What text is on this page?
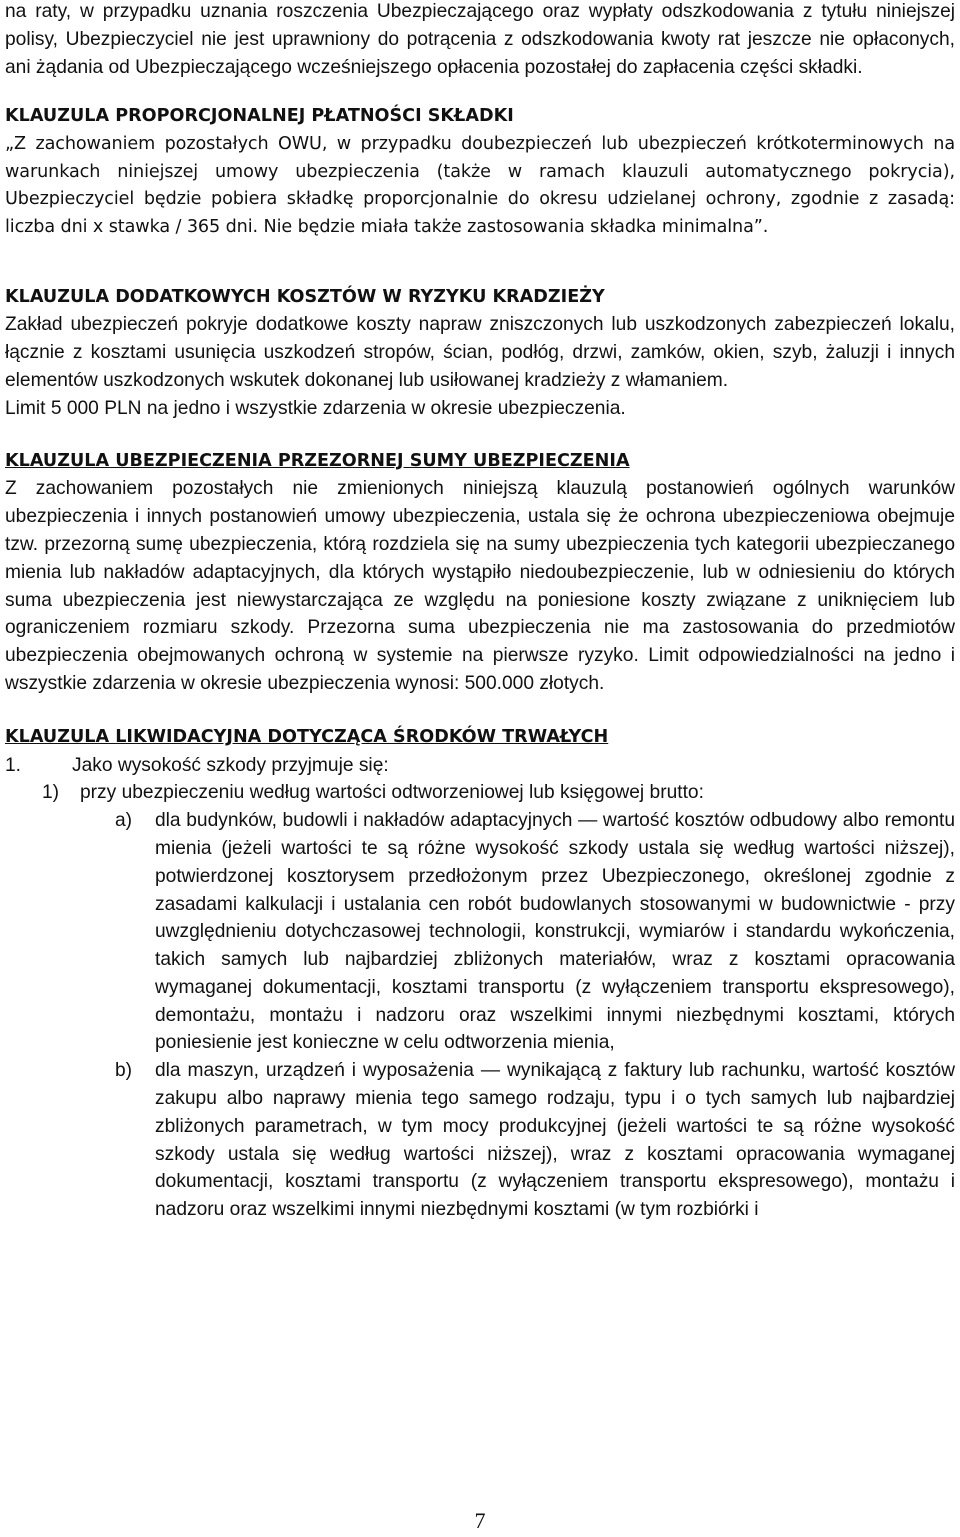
na raty, w przypadku uznania roszczenia Ubezpieczającego oraz wypłaty odszkodowania z tytułu niniejszej polisy, Ubezpieczyciel nie jest uprawniony do potrącenia z odszkodowania kwoty rat jeszcze nie opłaconych, ani żądania od Ubezpieczającego wcześniejszego opłacenia pozostałej do zapłacenia części składki.

KLAUZULA PROPORCJONALNEJ PŁATNOŚCI SKŁADKI

„Z zachowaniem pozostałych OWU, w przypadku doubezpieczeń lub ubezpieczeń krótkoterminowych na warunkach niniejszej umowy ubezpieczenia (także w ramach klauzuli automatycznego pokrycia), Ubezpieczyciel będzie pobiera składkę proporcjonalnie do okresu udzielanej ochrony, zgodnie z zasadą: liczba dni x stawka / 365 dni. Nie będzie miała także zastosowania składka minimalna”.

KLAUZULA DODATKOWYCH KOSZTÓW W RYZYKU KRADZIEŻY

Zakład ubezpieczeń pokryje dodatkowe koszty napraw zniszczonych lub uszkodzonych zabezpieczeń lokalu, łącznie z kosztami usunięcia uszkodzeń stropów, ścian, podłóg, drzwi, zamków, okien, szyb, żaluzji i innych elementów uszkodzonych wskutek dokonanej lub usiłowanej kradzieży z włamaniem.

Limit 5 000 PLN na jedno i wszystkie zdarzenia w okresie ubezpieczenia.

KLAUZULA UBEZPIECZENIA PRZEZORNEJ SUMY UBEZPIECZENIA

Z zachowaniem pozostałych nie zmienionych niniejszą klauzulą postanowień ogólnych warunków ubezpieczenia i innych postanowień umowy ubezpieczenia, ustala się że ochrona ubezpieczeniowa obejmuje tzw. przezorną sumę ubezpieczenia, którą rozdziela się na sumy ubezpieczenia tych kategorii ubezpieczanego mienia lub nakładów adaptacyjnych, dla których wystąpiło niedoubezpieczenie, lub w odniesieniu do których suma ubezpieczenia jest niewystarczająca ze względu na poniesione koszty związane z uniknięciem lub ograniczeniem rozmiaru szkody. Przezorna suma ubezpieczenia nie ma zastosowania do przedmiotów ubezpieczenia obejmowanych ochroną w systemie na pierwsze ryzyko. Limit odpowiedzialności na jedno i wszystkie zdarzenia w okresie ubezpieczenia wynosi: 500.000 złotych.

KLAUZULA LIKWIDACYJNA DOTYCZĄCA ŚRODKÓW TRWAŁYCH

1.	Jako wysokość szkody przyjmuje się:
1)	przy ubezpieczeniu według wartości odtworzeniowej lub księgowej brutto:
a)	dla budynków, budowli i nakładów adaptacyjnych — wartość kosztów odbudowy albo remontu mienia (jeżeli wartości te są różne wysokość szkody ustala się według wartości niższej), potwierdzonej kosztorysem przedłożonym przez Ubezpieczonego, określonej zgodnie z zasadami kalkulacji i ustalania cen robót budowlanych stosowanymi w budownictwie - przy uwzględnieniu dotychczasowej technologii, konstrukcji, wymiarów i standardu wykończenia, takich samych lub najbardziej zbliżonych materiałów, wraz z kosztami opracowania wymaganej dokumentacji, kosztami transportu (z wyłączeniem transportu ekspresowego), demontażu, montażu i nadzoru oraz wszelkimi innymi niezbędnymi kosztami, których poniesienie jest konieczne w celu odtworzenia mienia,
b)	dla maszyn, urządzeń i wyposażenia — wynikającą z faktury lub rachunku, wartość kosztów zakupu albo naprawy mienia tego samego rodzaju, typu i o tych samych lub najbardziej zbliżonych parametrach, w tym mocy produkcyjnej (jeżeli wartości te są różne wysokość szkody ustala się według wartości niższej), wraz z kosztami opracowania wymaganej dokumentacji, kosztami transportu (z wyłączeniem transportu ekspresowego), montażu i nadzoru oraz wszelkimi innymi niezbędnymi kosztami (w tym rozbiórki i
7
